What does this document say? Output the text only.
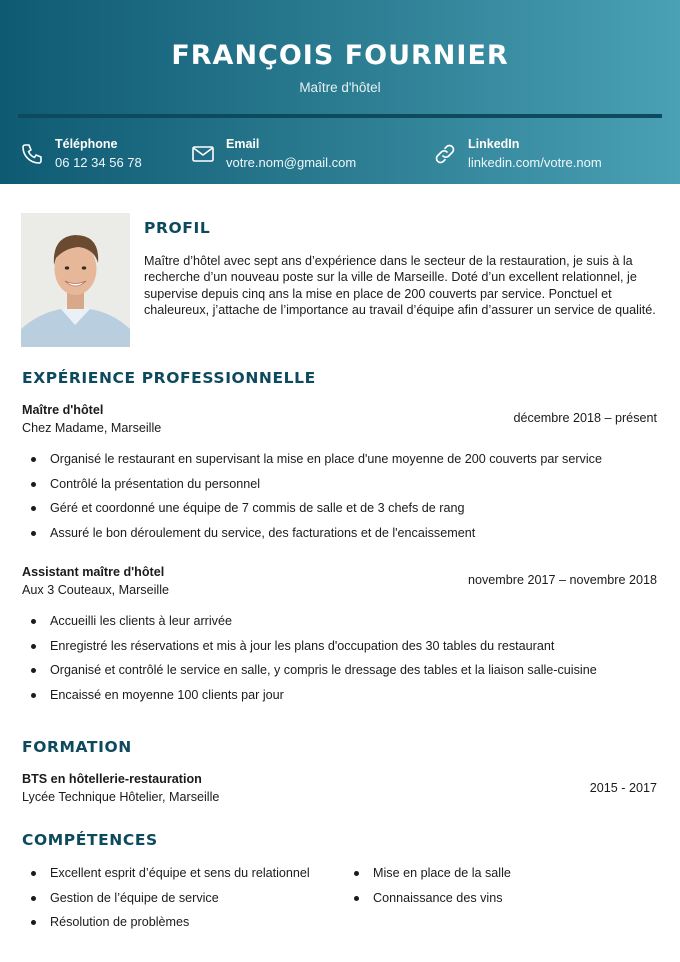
FRANÇOIS FOURNIER
Maître d'hôtel
Téléphone
06 12 34 56 78
Email
votre.nom@gmail.com
LinkedIn
linkedin.com/votre.nom
PROFIL
Maître d’hôtel avec sept ans d’expérience dans le secteur de la restauration, je suis à la recherche d’un nouveau poste sur la ville de Marseille. Doté d’un excellent relationnel, je supervise depuis cinq ans la mise en place de 200 couverts par service. Ponctuel et chaleureux, j’attache de l’importance au travail d’équipe afin d’assurer un service de qualité.
EXPÉRIENCE PROFESSIONNELLE
Maître d'hôtel
Chez Madame, Marseille
décembre 2018 – présent
Organisé le restaurant en supervisant la mise en place d'une moyenne de 200 couverts par service
Contrôlé la présentation du personnel
Géré et coordonné une équipe de 7 commis de salle et de 3 chefs de rang
Assuré le bon déroulement du service, des facturations et de l'encaissement
Assistant maître d'hôtel
Aux 3 Couteaux, Marseille
novembre 2017 – novembre 2018
Accueilli les clients à leur arrivée
Enregistré les réservations et mis à jour les plans d'occupation des 30 tables du restaurant
Organisé et contrôlé le service en salle, y compris le dressage des tables et la liaison salle-cuisine
Encaissé en moyenne 100 clients par jour
FORMATION
BTS en hôtellerie-restauration
Lycée Technique Hôtelier, Marseille
2015 - 2017
COMPÉTENCES
Excellent esprit d’équipe et sens du relationnel
Gestion de l’équipe de service
Résolution de problèmes
Mise en place de la salle
Connaissance des vins
